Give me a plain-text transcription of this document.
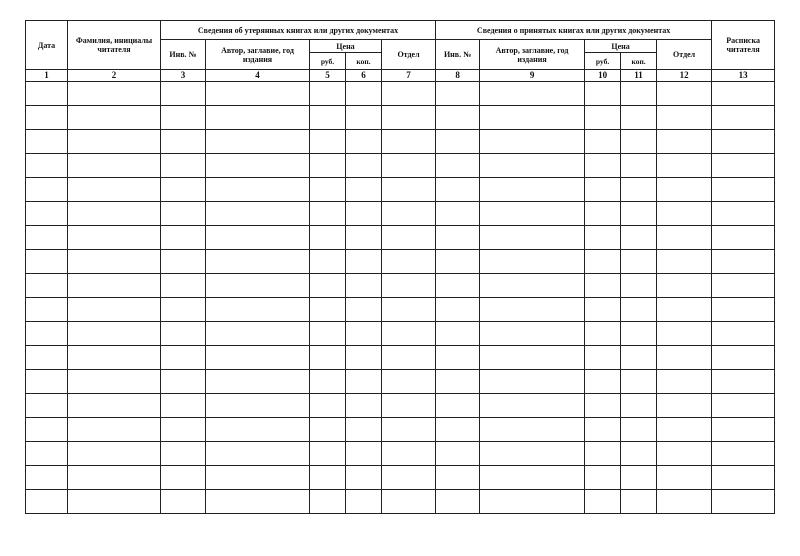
Дата	Фамилия, инициалы читателя	Сведения об утерянных книгах или других документах					Сведения о принятых книгах или других документах					Расписка читателя
		Инв. №	Автор, заглавие, год издания	Цена		Отдел	Инв. №	Автор, заглавие, год издания	Цена		Отдел	
				руб.	коп.				руб.	коп.		
1	2	3	4	5	6	7	8	9	10	11	12	13
